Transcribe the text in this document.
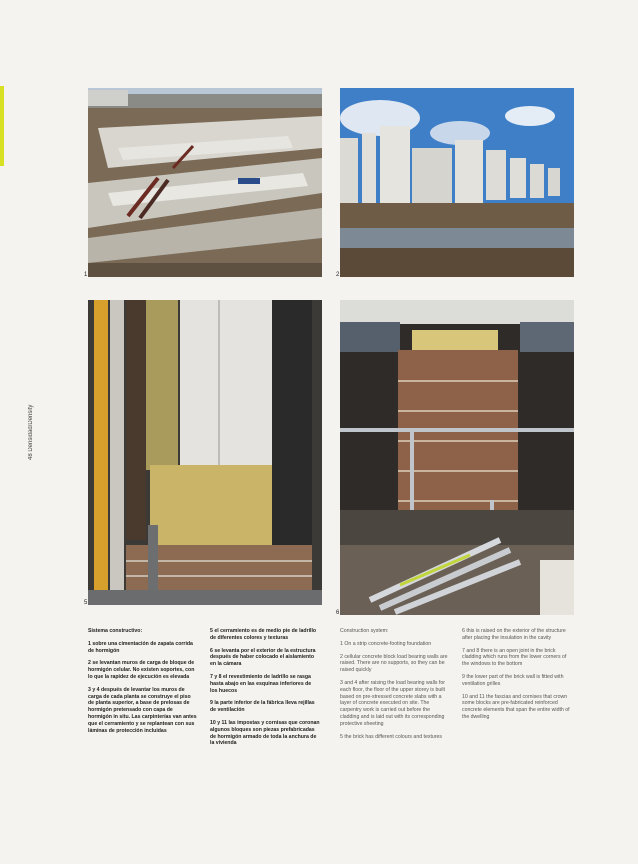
48 Densidad/Density
1	2
5
6

Sistema constructivo:

1 sobre una cimentación de zapata corrida de hormigón

2 se levantan muros de carga de bloque de hormigón celular. No existen soportes, con lo que la rapidez de ejecución es elevada

3 y 4 después de levantar los muros de carga de cada planta se construye el piso de planta superior, a base de prelosas de hormigón pretensado con capa de hormigón in situ. Las carpinterías van antes que el cerramiento y se replantean con sus láminas de protección incluidas

5 el cerramiento es de medio pie de ladrillo de diferentes colores y texturas

6 se levanta por el exterior de la estructura después de haber colocado el aislamiento en la cámara

7 y 8 el revestimiento de ladrillo se rasga hasta abajo en las esquinas inferiores de los huecos

9 la parte inferior de la fábrica lleva rejillas de ventilación

10 y 11 las impostas y cornisas que coronan algunos bloques son piezas prefabricadas de hormigón armado de toda la anchura de la vivienda

Construction system:

1 On a strip concrete-footing foundation

2 cellular concrete block load bearing walls are raised. There are no supports, so they can be raised quickly

3 and 4 after raising the load bearing walls for each floor, the floor of the upper storey is built based on pre-stressed concrete slabs with a layer of concrete executed on site. The carpentry work is carried out before the cladding and is laid out with its corresponding protective sheeting

5 the brick has different colours and textures

6 this is raised on the exterior of the structure after placing the insulation in the cavity

7 and 8 there is an open joint in the brick cladding which runs from the lower corners of the windows to the bottom

9 the lower part of the brick wall is fitted with ventilation grilles

10 and 11 the fascias and cornises that crown some blocks are pre-fabricated reinforced concrete elements that span the entire width of the dwelling
